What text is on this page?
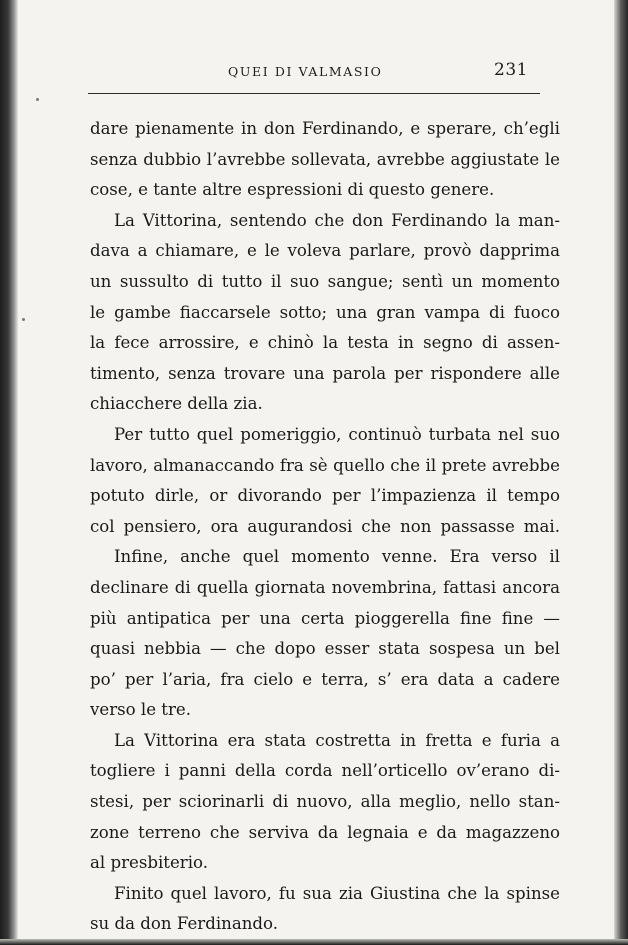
QUEI DI VALMASIO	231
dare pienamente in don Ferdinando, e sperare, ch’egli
senza dubbio l’avrebbe sollevata, avrebbe aggiustate le
cose, e tante altre espressioni di questo genere.
La Vittorina, sentendo che don Ferdinando la man-
dava a chiamare, e le voleva parlare, provò dapprima
un sussulto di tutto il suo sangue; sentì un momento
le gambe fiaccarsele sotto; una gran vampa di fuoco
la fece arrossire, e chinò la testa in segno di assen-
timento, senza trovare una parola per rispondere alle
chiacchere della zia.
Per tutto quel pomeriggio, continuò turbata nel suo
lavoro, almanaccando fra sè quello che il prete avrebbe
potuto dirle, or divorando per l’impazienza il tempo
col pensiero, ora augurandosi che non passasse mai.
Infine, anche quel momento venne. Era verso il
declinare di quella giornata novembrina, fattasi ancora
più antipatica per una certa pioggerella fine fine —
quasi nebbia — che dopo esser stata sospesa un bel
po’ per l’aria, fra cielo e terra, s’ era data a cadere
verso le tre.
La Vittorina era stata costretta in fretta e furia a
togliere i panni della corda nell’orticello ov’erano di-
stesi, per sciorinarli di nuovo, alla meglio, nello stan-
zone terreno che serviva da legnaia e da magazzeno
al presbiterio.
Finito quel lavoro, fu sua zia Giustina che la spinse
su da don Ferdinando.
